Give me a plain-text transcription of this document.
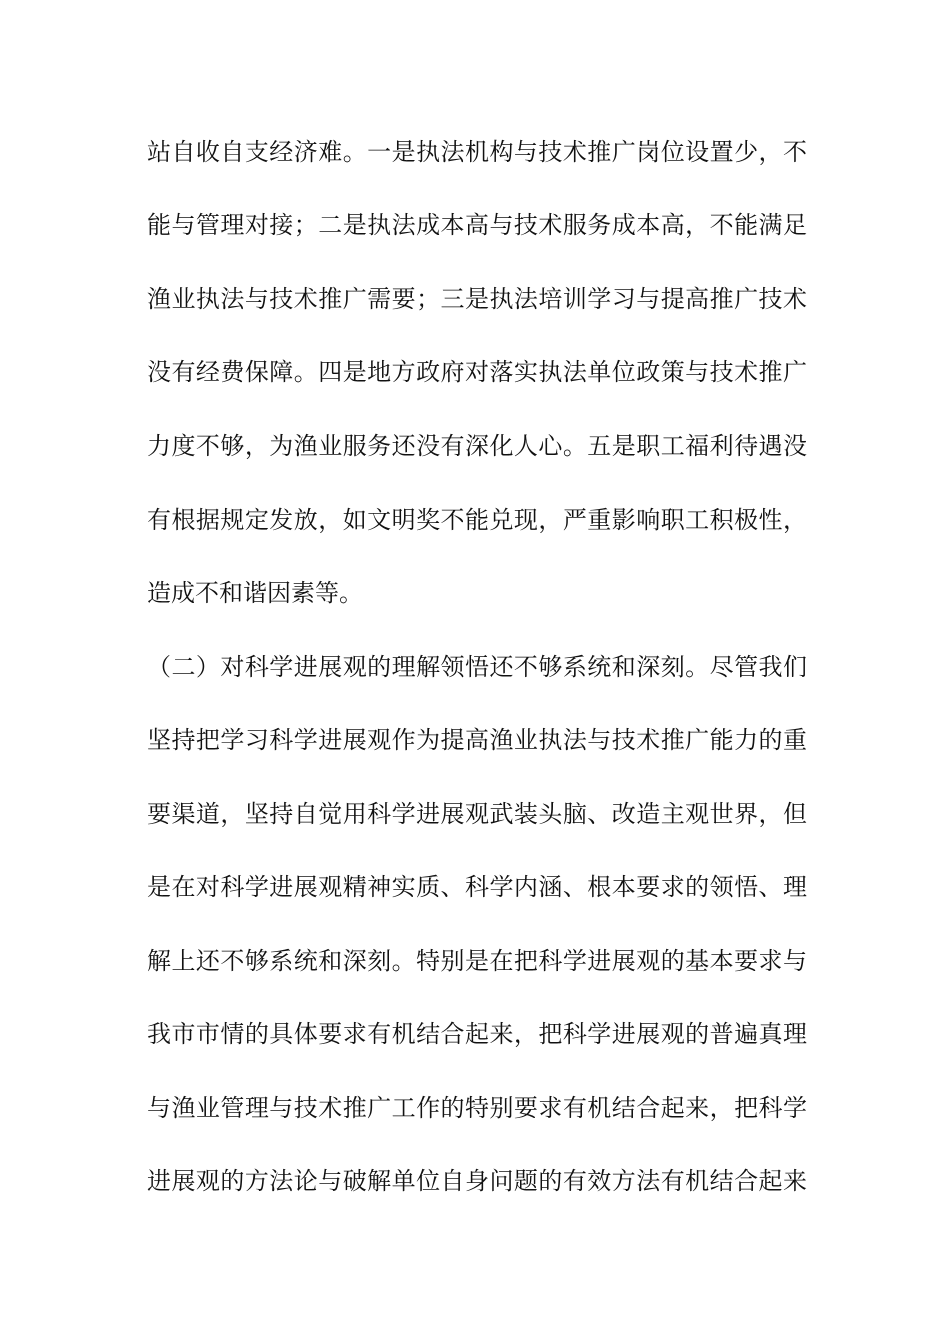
站自收自支经济难。一是执法机构与技术推广岗位设置少，不
能与管理对接；二是执法成本高与技术服务成本高，不能满足
渔业执法与技术推广需要；三是执法培训学习与提高推广技术
没有经费保障。四是地方政府对落实执法单位政策与技术推广
力度不够，为渔业服务还没有深化人心。五是职工福利待遇没
有根据规定发放，如文明奖不能兑现，严重影响职工积极性，
造成不和谐因素等。
（二）对科学进展观的理解领悟还不够系统和深刻。尽管我们
坚持把学习科学进展观作为提高渔业执法与技术推广能力的重
要渠道，坚持自觉用科学进展观武装头脑、改造主观世界，但
是在对科学进展观精神实质、科学内涵、根本要求的领悟、理
解上还不够系统和深刻。特别是在把科学进展观的基本要求与
我市市情的具体要求有机结合起来，把科学进展观的普遍真理
与渔业管理与技术推广工作的特别要求有机结合起来，把科学
进展观的方法论与破解单位自身问题的有效方法有机结合起来
